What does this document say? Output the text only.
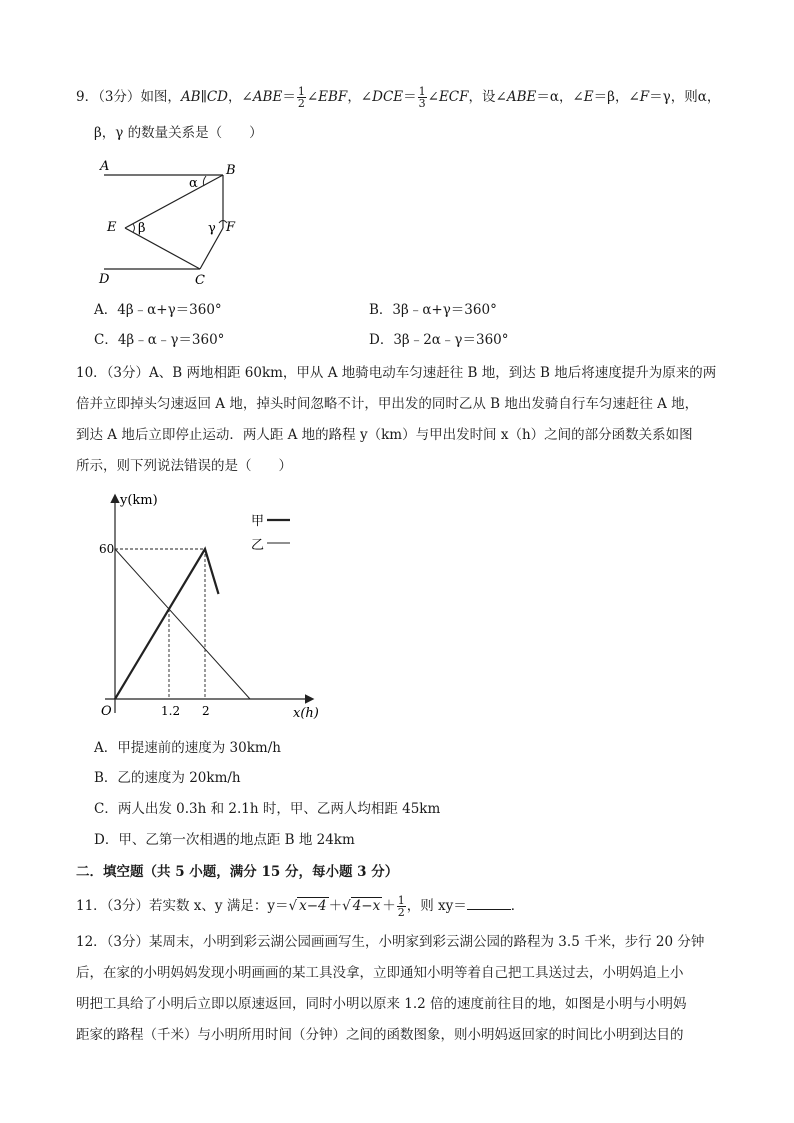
9．（3分）如图，AB∥CD，∠ABE＝ $\frac{1}{2}$ ∠EBF，∠DCE＝ $\frac{1}{3}$ ∠ECF，设∠ABE＝α，∠E＝β，∠F＝γ，则α，
β，γ 的数量关系是（　　）
A	B
C
D
E	F
α
β	γ
A．4β﹣α+γ＝360°	B．3β﹣α+γ＝360°
C．4β﹣α﹣γ＝360°	D．3β﹣2α﹣γ＝360°
10．（3分）A、B 两地相距 60km，甲从 A 地骑电动车匀速赶往 B 地，到达 B 地后将速度提升为原来的两
倍并立即掉头匀速返回 A 地，掉头时间忽略不计，甲出发的同时乙从 B 地出发骑自行车匀速赶往 A 地，
到达 A 地后立即停止运动．两人距 A 地的路程 y（km）与甲出发时间 x（h）之间的部分函数关系如图
所示，则下列说法错误的是（　　）
y(km)
x(h)
O	1.2 2
60
甲
乙
A．甲提速前的速度为 30km/h
B．乙的速度为 20km/h
C．两人出发 0.3h 和 2.1h 时，甲、乙两人均相距 45km
D．甲、乙第一次相遇的地点距 B 地 24km
二．填空题（共 5 小题，满分 15 分，每小题 3 分）
11．（3分）若实数 x、y 满足：y＝√ x−4 ＋√ $4-x + \frac{1}{2}$ ，则 xy＝	．
12．（3分）某周末，小明到彩云湖公园画画写生，小明家到彩云湖公园的路程为 3.5 千米，步行 20 分钟
后，在家的小明妈妈发现小明画画的某工具没拿，立即通知小明等着自己把工具送过去，小明妈追上小
明把工具给了小明后立即以原速返回，同时小明以原来 1.2 倍的速度前往目的地，如图是小明与小明妈
距家的路程（千米）与小明所用时间（分钟）之间的函数图象，则小明妈返回家的时间比小明到达目的
